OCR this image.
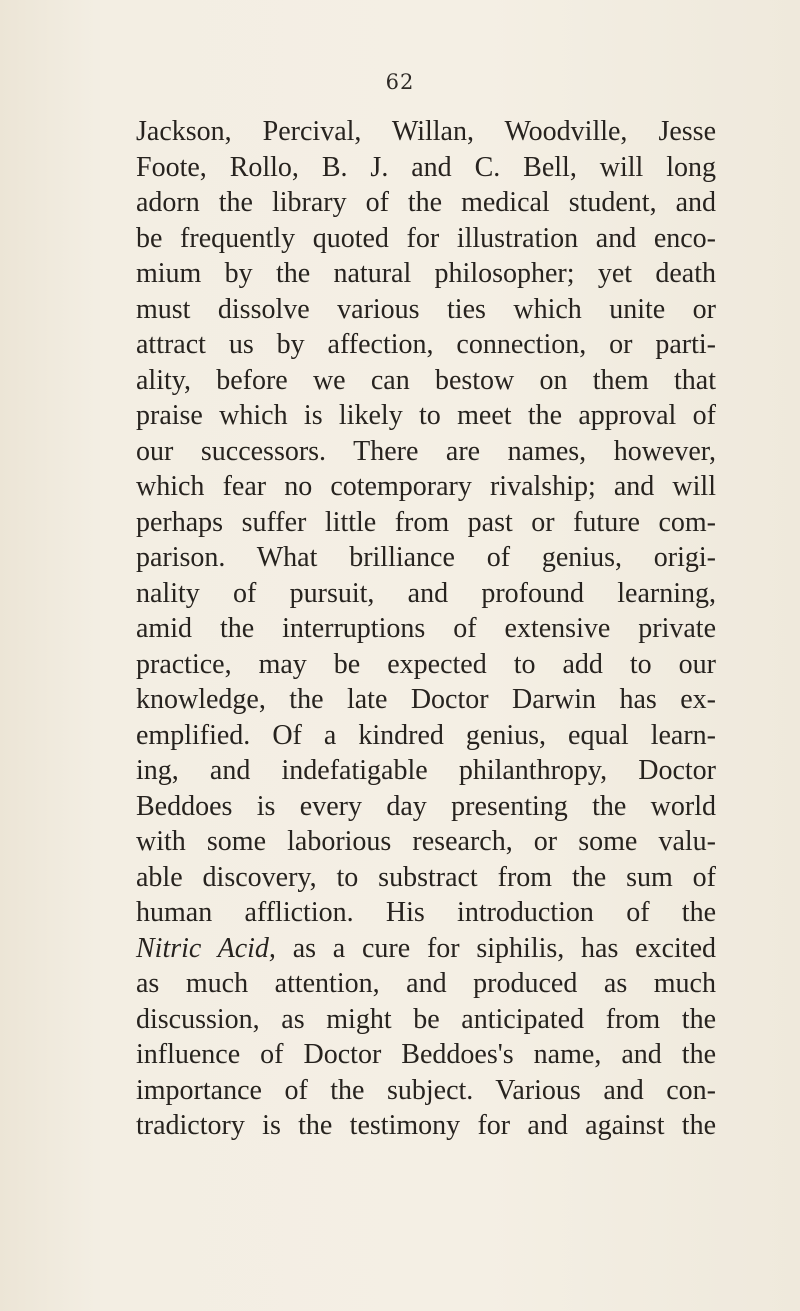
62
Jackson, Percival, Willan, Woodville, Jesse
Foote, Rollo, B. J. and C. Bell, will long
adorn the library of the medical student, and
be frequently quoted for illustration and enco-
mium by the natural philosopher; yet death
must dissolve various ties which unite or
attract us by affection, connection, or parti-
ality, before we can bestow on them that
praise which is likely to meet the approval of
our successors. There are names, however,
which fear no cotemporary rivalship; and will
perhaps suffer little from past or future com-
parison. What brilliance of genius, origi-
nality of pursuit, and profound learning,
amid the interruptions of extensive private
practice, may be expected to add to our
knowledge, the late Doctor Darwin has ex-
emplified. Of a kindred genius, equal learn-
ing, and indefatigable philanthropy, Doctor
Beddoes is every day presenting the world
with some laborious research, or some valu-
able discovery, to substract from the sum of
human affliction. His introduction of the
Nitric Acid, as a cure for siphilis, has excited
as much attention, and produced as much
discussion, as might be anticipated from the
influence of Doctor Beddoes's name, and the
importance of the subject. Various and con-
tradictory is the testimony for and against the
